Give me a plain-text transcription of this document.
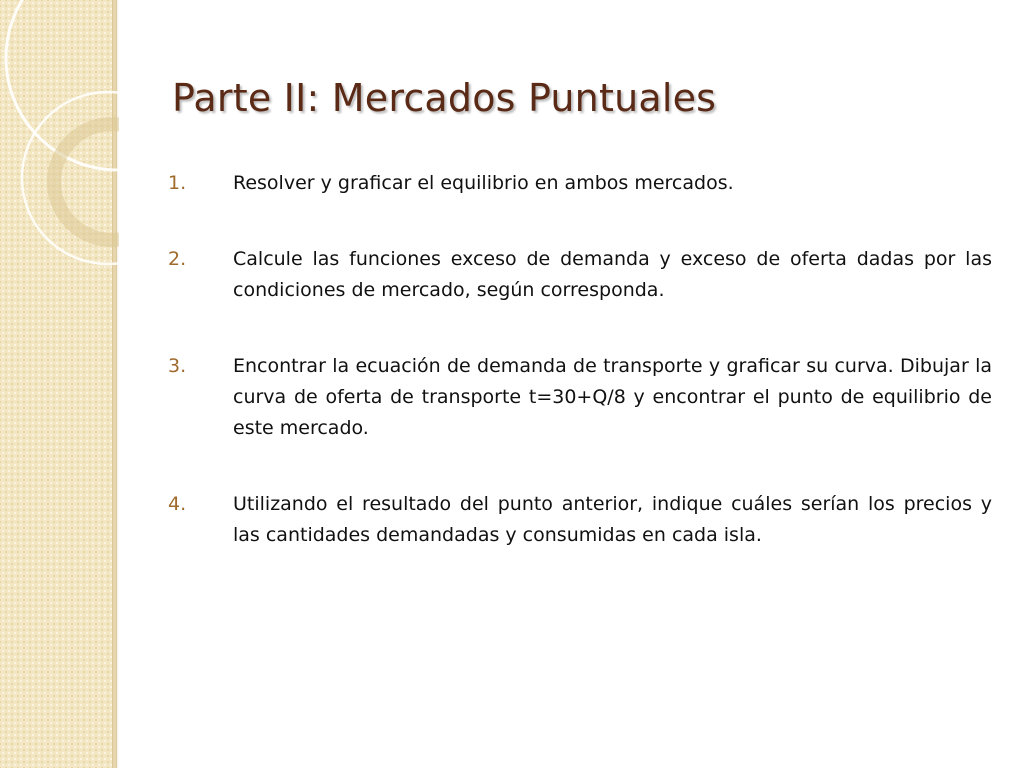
Parte II: Mercados Puntuales
1.	Resolver y graficar el equilibrio en ambos mercados.
2.	Calcule las funciones exceso de demanda y exceso de oferta dadas por las condiciones de mercado, según corresponda.
3.	Encontrar la ecuación de demanda de transporte y graficar su curva. Dibujar la curva de oferta de transporte t=30+Q/8 y encontrar el punto de equilibrio de este mercado.
4.	Utilizando el resultado del punto anterior, indique cuáles serían los precios y las cantidades demandadas y consumidas en cada isla.
